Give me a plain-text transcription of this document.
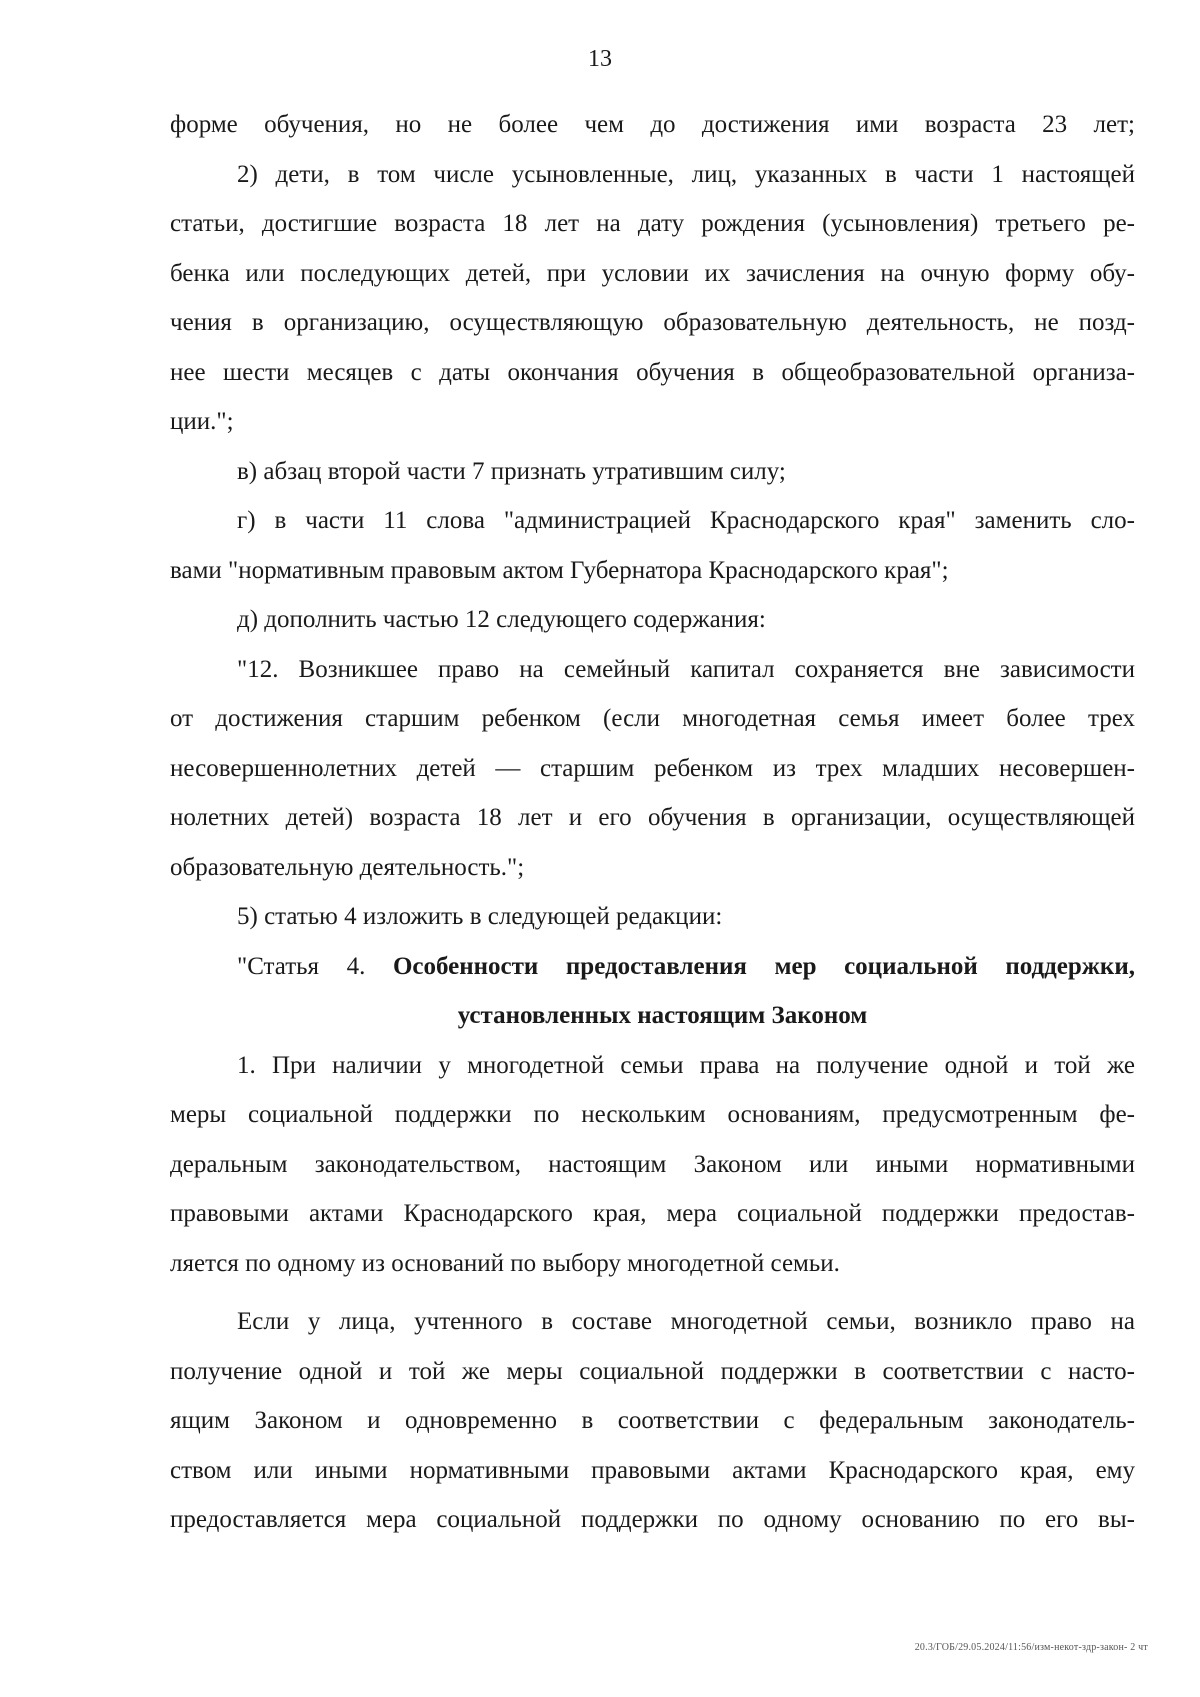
13
форме обучения, но не более чем до достижения ими возраста 23 лет;
2) дети, в том числе усыновленные, лиц, указанных в части 1 настоящей
статьи, достигшие возраста 18 лет на дату рождения (усыновления) третьего ре-
бенка или последующих детей, при условии их зачисления на очную форму обу-
чения в организацию, осуществляющую образовательную деятельность, не позд-
нее шести месяцев с даты окончания обучения в общеобразовательной организа-
ции.";
в) абзац второй части 7 признать утратившим силу;
г) в части 11 слова "администрацией Краснодарского края" заменить сло-
вами "нормативным правовым актом Губернатора Краснодарского края";
д) дополнить частью 12 следующего содержания:
"12. Возникшее право на семейный капитал сохраняется вне зависимости
от достижения старшим ребенком (если многодетная семья имеет более трех
несовершеннолетних детей — старшим ребенком из трех младших несовершен-
нолетних детей) возраста 18 лет и его обучения в организации, осуществляющей
образовательную деятельность.";
5) статью 4 изложить в следующей редакции:
"Статья 4. Особенности предоставления мер социальной поддержки,
установленных настоящим Законом
1. При наличии у многодетной семьи права на получение одной и той же
меры социальной поддержки по нескольким основаниям, предусмотренным фе-
деральным законодательством, настоящим Законом или иными нормативными
правовыми актами Краснодарского края, мера социальной поддержки предостав-
ляется по одному из оснований по выбору многодетной семьи.
Если у лица, учтенного в составе многодетной семьи, возникло право на
получение одной и той же меры социальной поддержки в соответствии с насто-
ящим Законом и одновременно в соответствии с федеральным законодатель-
ством или иными нормативными правовыми актами Краснодарского края, ему
предоставляется мера социальной поддержки по одному основанию по его вы-
20.3/ГОБ/29.05.2024/11:56/изм-некот-здр-закон- 2 чт
